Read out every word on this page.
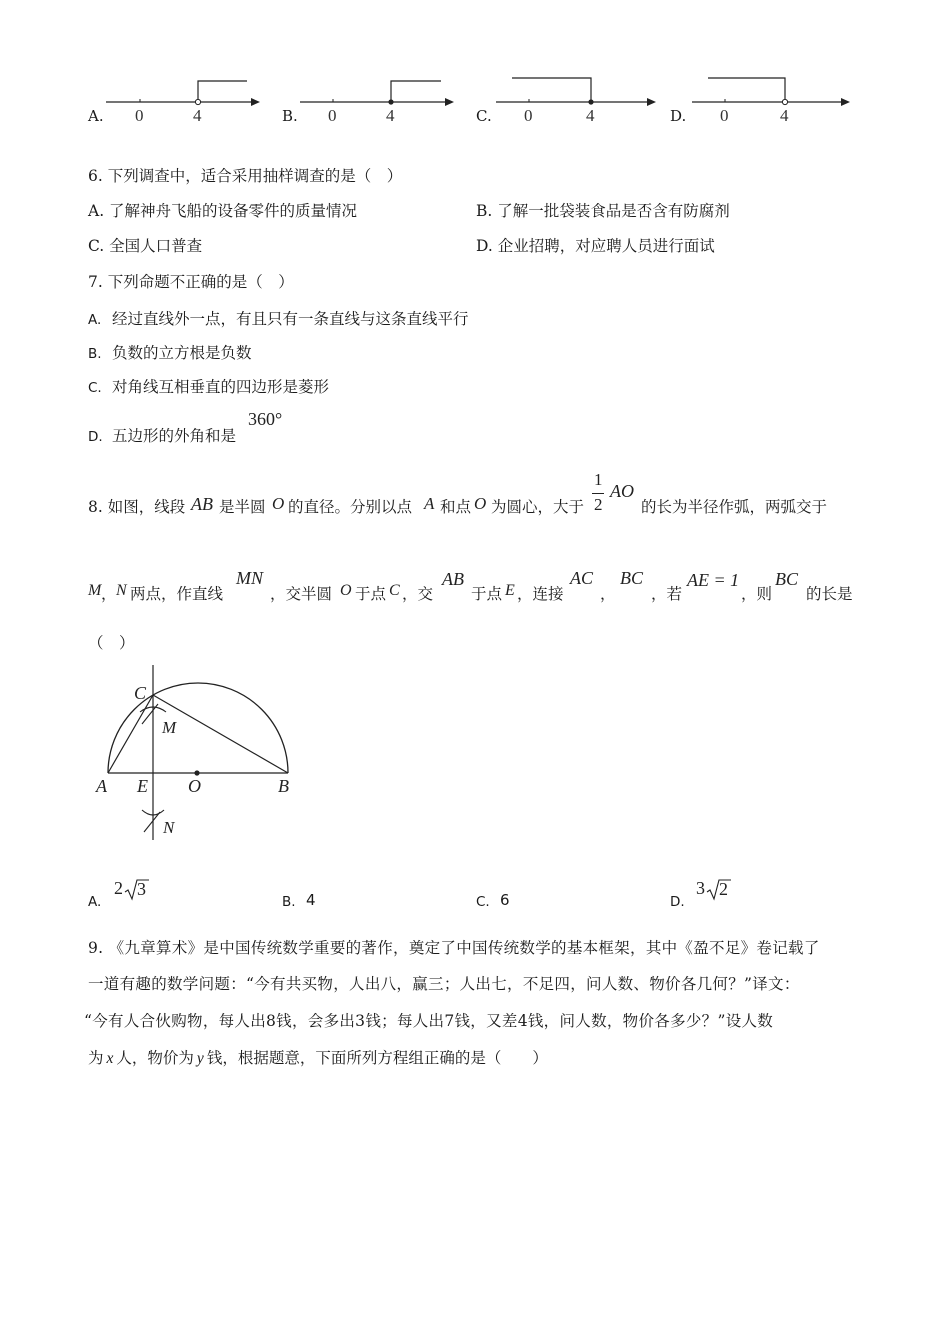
A. 0	4	B. 0	4	C. 0	4	D. 0	4
6. 下列调查中，适合采用抽样调查的是（　）
A. 了解神舟飞船的设备零件的质量情况	B. 了解一批袋装食品是否含有防腐剂
C. 全国人口普查	D. 企业招聘，对应聘人员进行面试
7. 下列命题不正确的是（　）
A. 经过直线外一点，有且只有一条直线与这条直线平行
B. 负数的立方根是负数
C. 对角线互相垂直的四边形是菱形
D. 五边形的外角和是
360°
8. 如图，线段 AB 是半圆 O 的直径。分别以点 A 和点 O 为圆心，大于
1
2
AO
的长为半径作弧，两弧交于
M ， N 两点，作直线
MN
，交半圆 O 于点 C ，交
AB
于点 E ，连接
AC
，
BC
，若
AE = 1
，则
BC
的长是
（　）
C
M
A E O	B
N
A.
2 3
B. 4	C. 6	D.
3 2
9. 《九章算术》是中国传统数学重要的著作，奠定了中国传统数学的基本框架，其中《盈不足》卷记载了
一道有趣的数学问题：“今有共买物，人出八，赢三；人出七，不足四，问人数、物价各几何？”译文：
“今有人合伙购物，每人出8钱，会多出3钱；每人出7钱，又差4钱，问人数，物价各多少？”设人数
为 x 人，物价为 y 钱，根据题意，下面所列方程组正确的是（　　）
